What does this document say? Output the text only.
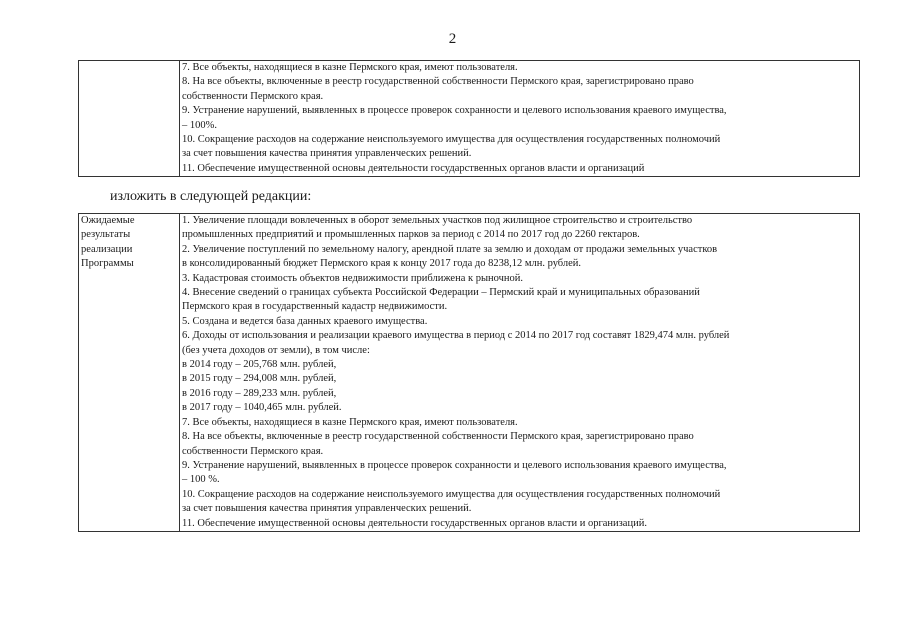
2

7. Все объекты, находящиеся в казне Пермского края, имеют пользователя.
8. На все объекты, включенные в реестр государственной собственности Пермского края, зарегистрировано право
собственности Пермского края.
9. Устранение нарушений, выявленных в процессе проверок сохранности и целевого использования краевого имущества,
– 100%.
10. Сокращение расходов на содержание неиспользуемого имущества для осуществления государственных полномочий
за счет повышения качества принятия управленческих решений.
11. Обеспечение имущественной основы деятельности государственных органов власти и организаций
изложить в следующей редакции:
Ожидаемые
результаты
реализации
Программы

1. Увеличение площади вовлеченных в оборот земельных участков под жилищное строительство и строительство
промышленных предприятий и промышленных парков за период с 2014 по 2017 год до 2260 гектаров.
2. Увеличение поступлений по земельному налогу, арендной плате за землю и доходам от продажи земельных участков
в консолидированный бюджет Пермского края к концу 2017 года до 8238,12 млн. рублей.
3. Кадастровая стоимость объектов недвижимости приближена к рыночной.
4. Внесение сведений о границах субъекта Российской Федерации – Пермский край и муниципальных образований
Пермского края в государственный кадастр недвижимости.
5. Создана и ведется база данных краевого имущества.
6. Доходы от использования и реализации краевого имущества в период с 2014 по 2017 год составят 1829,474 млн. рублей
(без учета доходов от земли), в том числе:
в 2014 году – 205,768 млн. рублей,
в 2015 году – 294,008 млн. рублей,
в 2016 году – 289,233 млн. рублей,
в 2017 году – 1040,465 млн. рублей.
7. Все объекты, находящиеся в казне Пермского края, имеют пользователя.
8. На все объекты, включенные в реестр государственной собственности Пермского края, зарегистрировано право
собственности Пермского края.
9. Устранение нарушений, выявленных в процессе проверок сохранности и целевого использования краевого имущества,
– 100 %.
10. Сокращение расходов на содержание неиспользуемого имущества для осуществления государственных полномочий
за счет повышения качества принятия управленческих решений.
11. Обеспечение имущественной основы деятельности государственных органов власти и организаций.
